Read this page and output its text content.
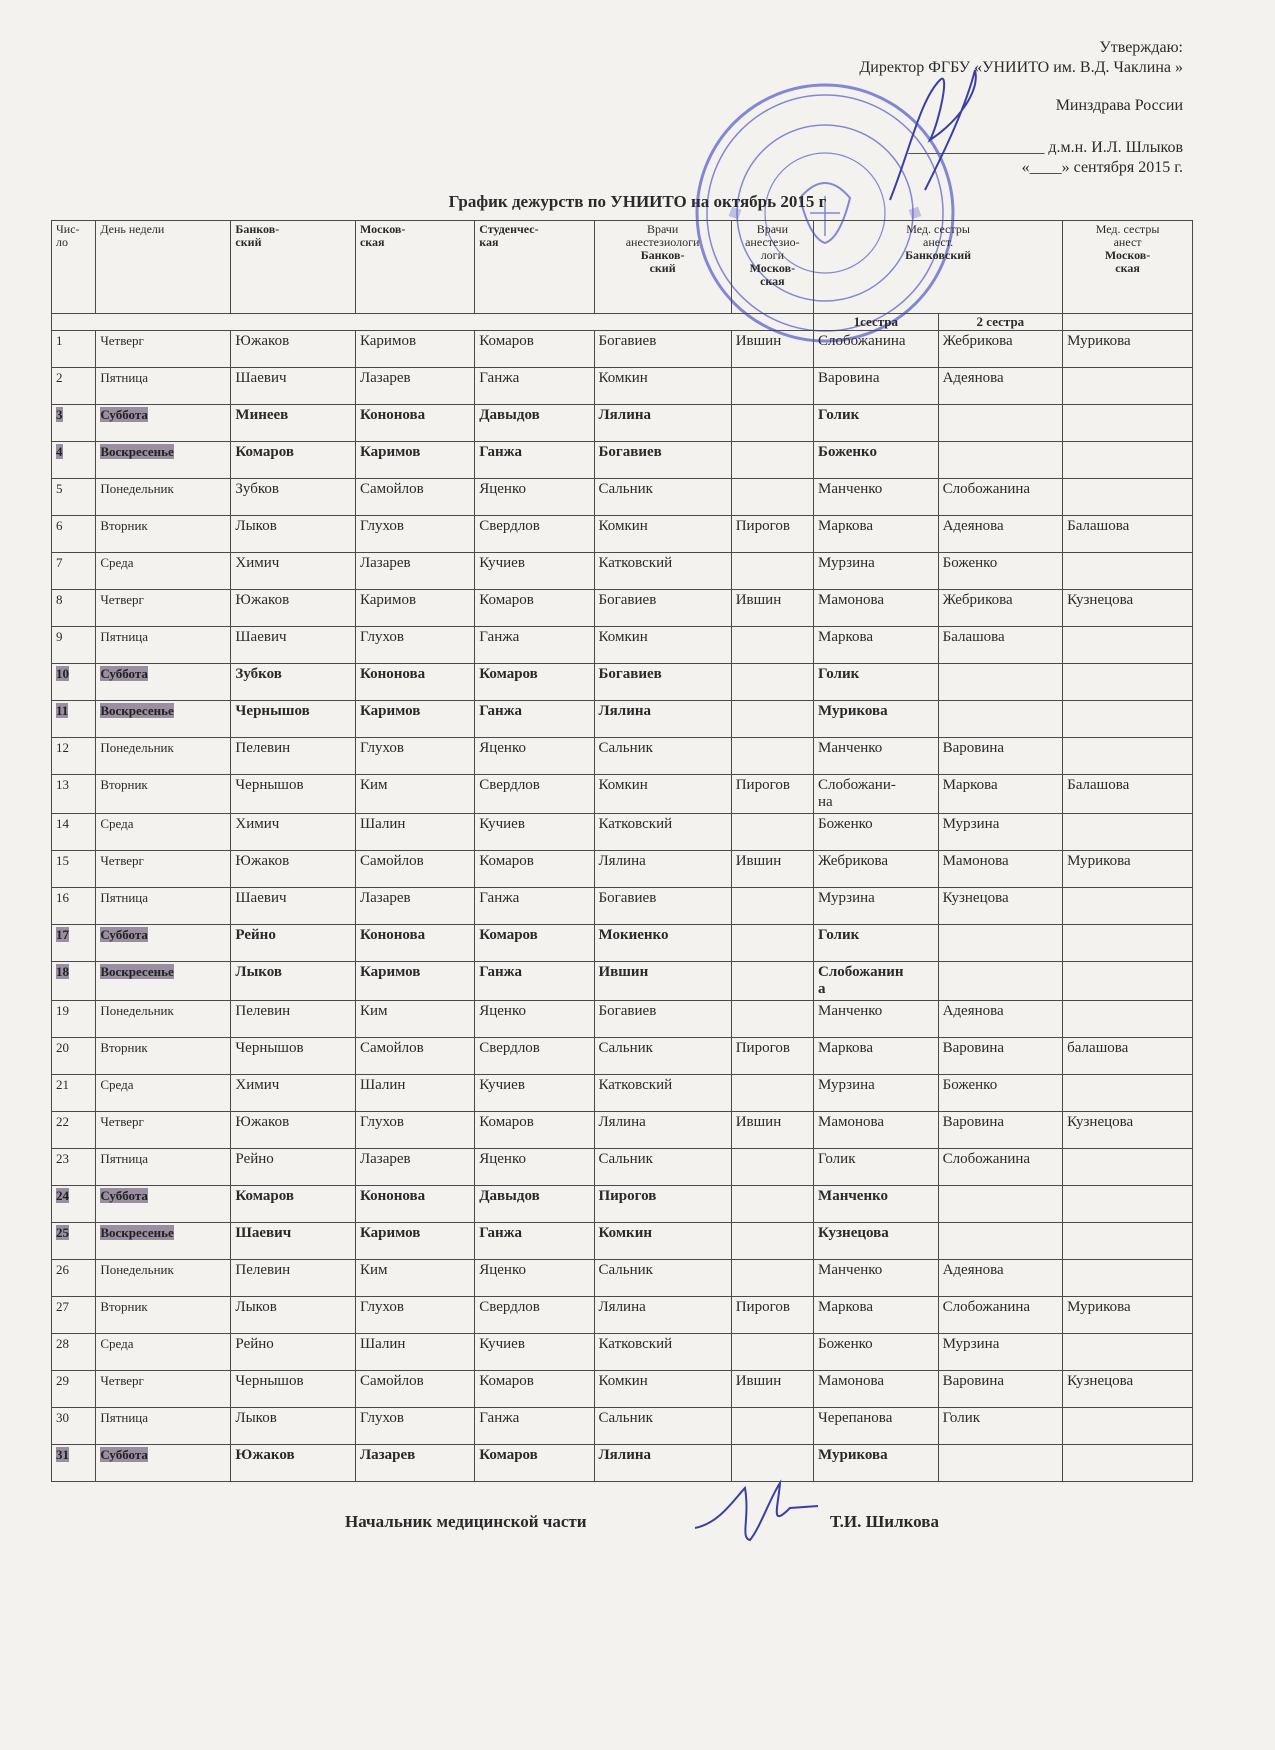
Утверждаю:
Директор ФГБУ «УНИИТО им. В.Д. Чаклина »
Минздрава России
_________________ д.м.н. И.Л. Шлыков
«____» сентября 2015 г.
График дежурств по УНИИТО на октябрь 2015 г
Чис-
ло	День недели	Банков-
ский	Москов-
ская	Студенчес-
кая	Врачи
анестезиологи
Банков-
ский	Врачи
анестезио-
логи
Москов-
ская	Мед. сестры
анест.
Банковский		Мед. сестры
анест
Москов-
ская
							1сестра	2 сестра	
1	Четверг	Южаков	Каримов	Комаров	Богавиев	Ившин	Слобожанина	Жебрикова	Мурикова
2	Пятница	Шаевич	Лазарев	Ганжа	Комкин		Варовина	Адеянова	
3	Суббота	Минеев	Кононова	Давыдов	Лялина		Голик		
4	Воскресенье	Комаров	Каримов	Ганжа	Богавиев		Боженко		
5	Понедельник	Зубков	Самойлов	Яценко	Сальник		Манченко	Слобожанина	
6	Вторник	Лыков	Глухов	Свердлов	Комкин	Пирогов	Маркова	Адеянова	Балашова
7	Среда	Химич	Лазарев	Кучиев	Катковский		Мурзина	Боженко	
8	Четверг	Южаков	Каримов	Комаров	Богавиев	Ившин	Мамонова	Жебрикова	Кузнецова
9	Пятница	Шаевич	Глухов	Ганжа	Комкин		Маркова	Балашова	
10	Суббота	Зубков	Кононова	Комаров	Богавиев		Голик		
11	Воскресенье	Чернышов	Каримов	Ганжа	Лялина		Мурикова		
12	Понедельник	Пелевин	Глухов	Яценко	Сальник		Манченко	Варовина	
13	Вторник	Чернышов	Ким	Свердлов	Комкин	Пирогов	Слобожани-
на	Маркова	Балашова
14	Среда	Химич	Шалин	Кучиев	Катковский		Боженко	Мурзина	
15	Четверг	Южаков	Самойлов	Комаров	Лялина	Ившин	Жебрикова	Мамонова	Мурикова
16	Пятница	Шаевич	Лазарев	Ганжа	Богавиев		Мурзина	Кузнецова	
17	Суббота	Рейно	Кононова	Комаров	Мокиенко		Голик		
18	Воскресенье	Лыков	Каримов	Ганжа	Ившин		Слобожанин
а		
19	Понедельник	Пелевин	Ким	Яценко	Богавиев		Манченко	Адеянова	
20	Вторник	Чернышов	Самойлов	Свердлов	Сальник	Пирогов	Маркова	Варовина	балашова
21	Среда	Химич	Шалин	Кучиев	Катковский		Мурзина	Боженко	
22	Четверг	Южаков	Глухов	Комаров	Лялина	Ившин	Мамонова	Варовина	Кузнецова
23	Пятница	Рейно	Лазарев	Яценко	Сальник		Голик	Слобожанина	
24	Суббота	Комаров	Кононова	Давыдов	Пирогов		Манченко		
25	Воскресенье	Шаевич	Каримов	Ганжа	Комкин		Кузнецова		
26	Понедельник	Пелевин	Ким	Яценко	Сальник		Манченко	Адеянова	
27	Вторник	Лыков	Глухов	Свердлов	Лялина	Пирогов	Маркова	Слобожанина	Мурикова
28	Среда	Рейно	Шалин	Кучиев	Катковский		Боженко	Мурзина	
29	Четверг	Чернышов	Самойлов	Комаров	Комкин	Ившин	Мамонова	Варовина	Кузнецова
30	Пятница	Лыков	Глухов	Ганжа	Сальник		Черепанова	Голик	
31	Суббота	Южаков	Лазарев	Комаров	Лялина		Мурикова		
Начальник медицинской части	Т.И. Шилкова
